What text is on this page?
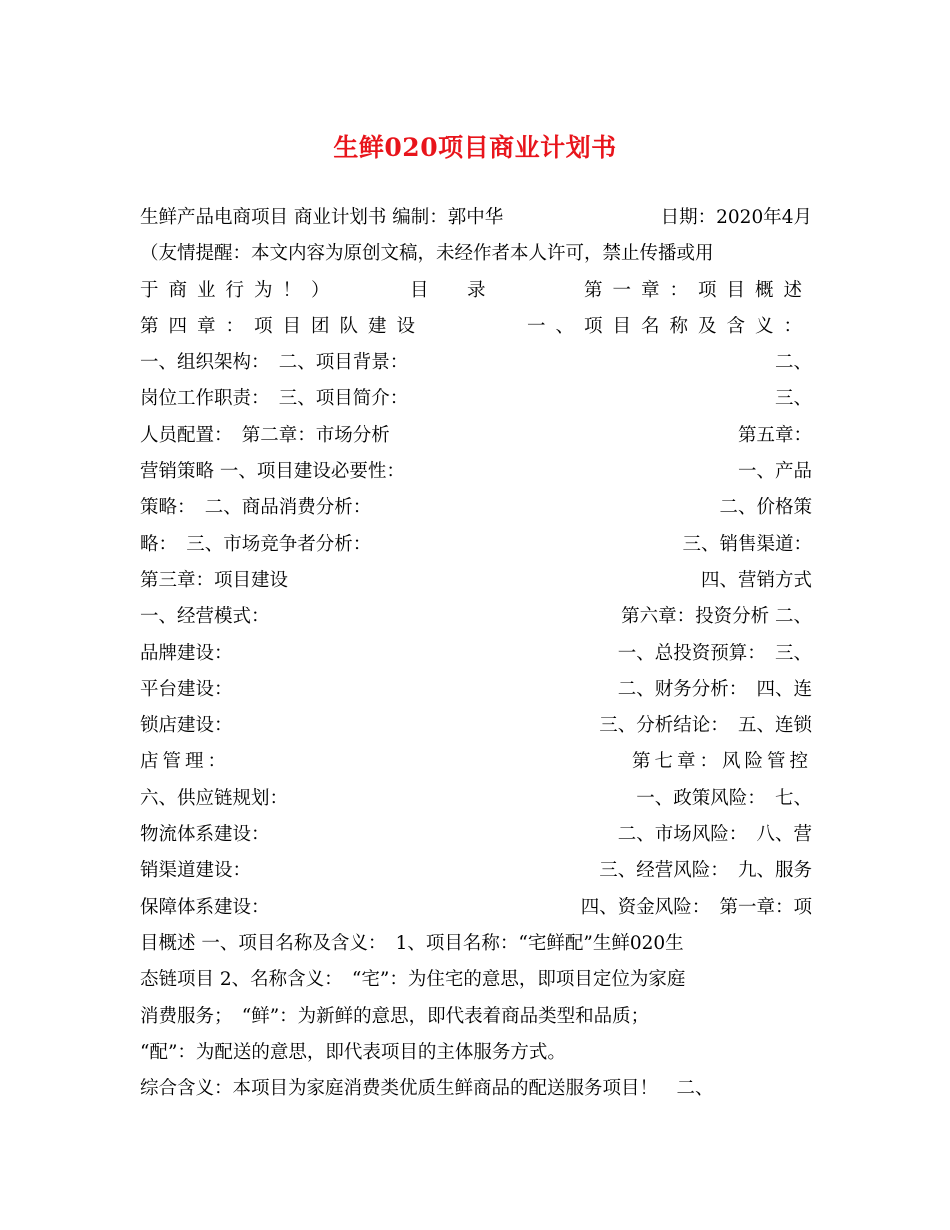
生鲜020项目商业计划书
生鲜产品电商项目 商业计划书 编制：郭中华	日期：2020年4月
（友情提醒：本文内容为原创文稿，未经作者本人许可，禁止传播或用
于商业行为！）	目　录	第一章：项目概述
第四章：项目团队建设	一、项目名称及含义：
一、组织架构：　二、项目背景：	二、
岗位工作职责：　三、项目简介：	三、
人员配置：　第二章：市场分析	第五章：
营销策略 一、项目建设必要性：	一、产品
策略：　二、商品消费分析：	二、价格策
略：　三、市场竞争者分析：	三、销售渠道：
第三章：项目建设	四、营销方式
一、经营模式：	第六章：投资分析 二、
品牌建设：	一、总投资预算：　三、
平台建设：	二、财务分析：　四、连
锁店建设：	三、分析结论：　五、连锁
店管理：	第七章：风险管控
六、供应链规划：	一、政策风险：　七、
物流体系建设：	二、市场风险：　八、营
销渠道建设：	三、经营风险：　九、服务
保障体系建设：	四、资金风险：　第一章：项
目概述 一、项目名称及含义：　1、项目名称：“宅鲜配”生鲜020生
态链项目 2、名称含义：　“宅”：为住宅的意思，即项目定位为家庭
消费服务；　“鲜”：为新鲜的意思，即代表着商品类型和品质；
“配”：为配送的意思，即代表项目的主体服务方式。
综合含义：本项目为家庭消费类优质生鲜商品的配送服务项目！　二、
